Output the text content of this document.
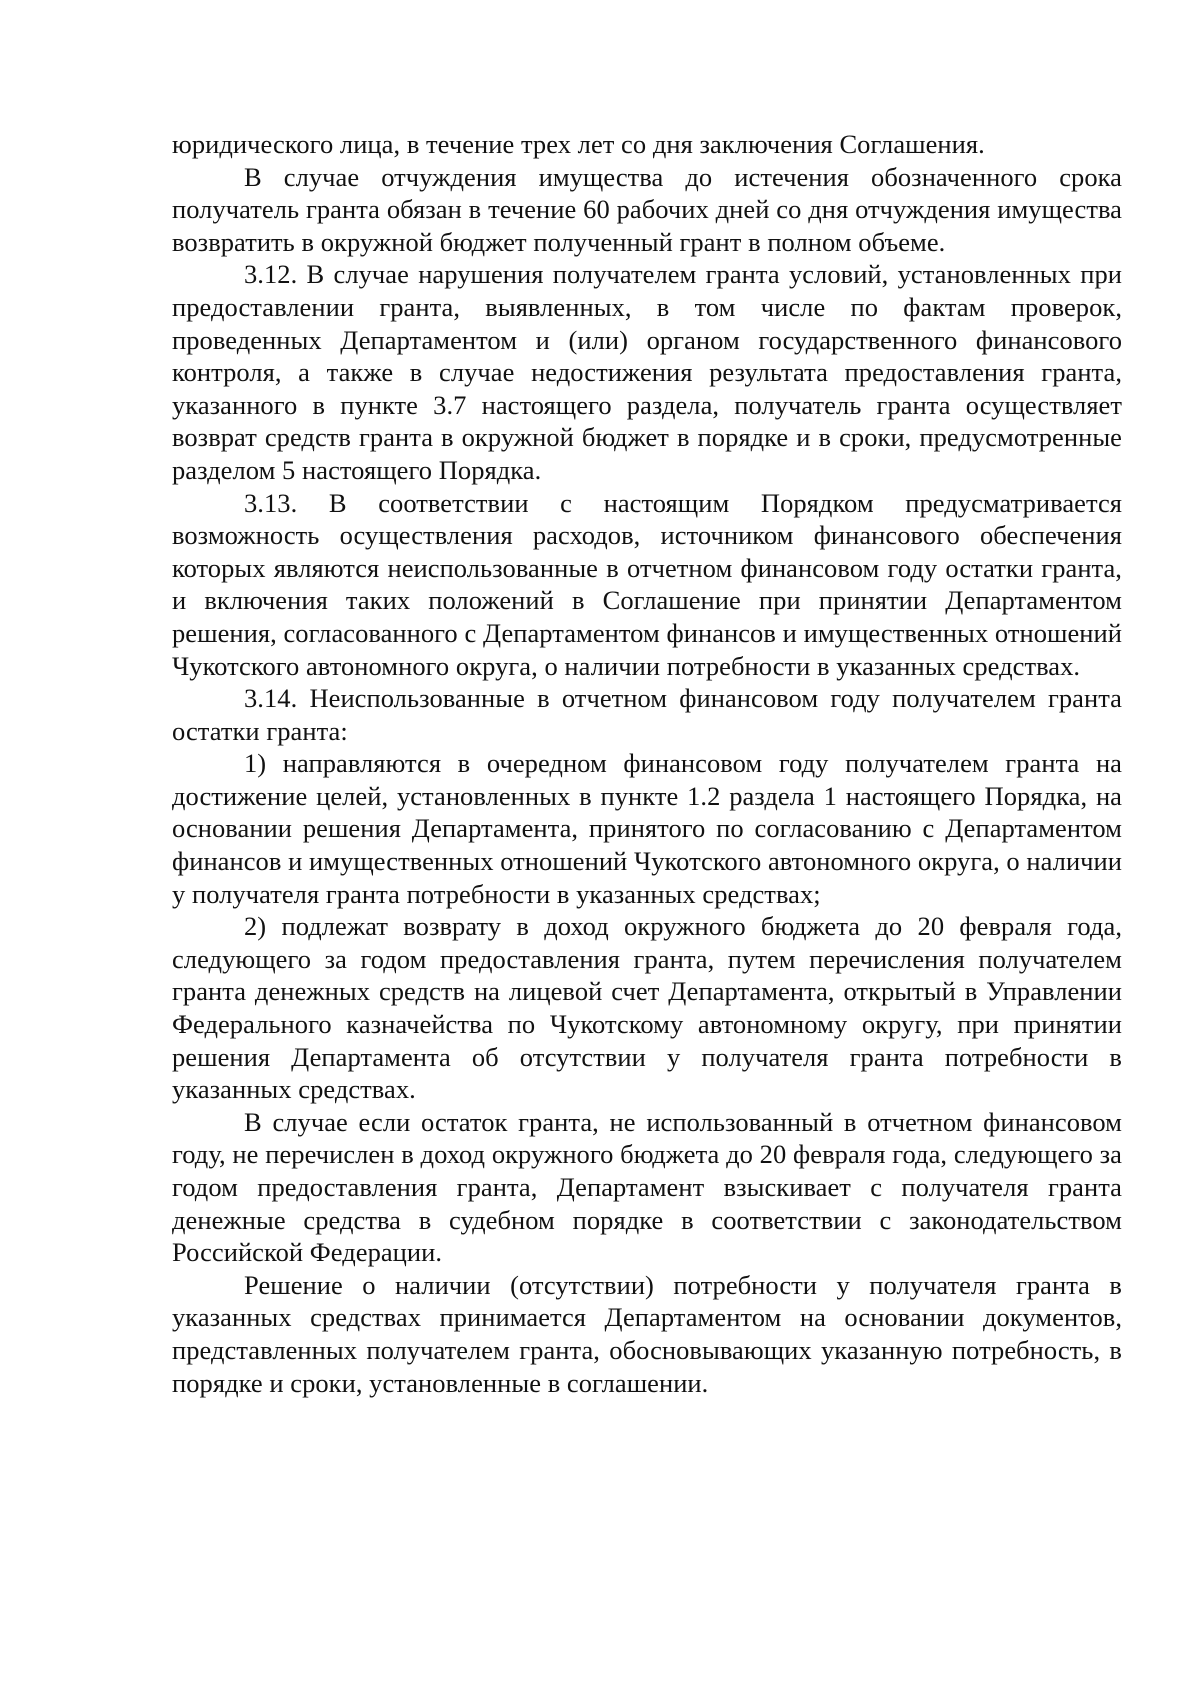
юридического лица, в течение трех лет со дня заключения Соглашения.

В случае отчуждения имущества до истечения обозначенного срока получатель гранта обязан в течение 60 рабочих дней со дня отчуждения имущества возвратить в окружной бюджет полученный грант в полном объеме.

3.12. В случае нарушения получателем гранта условий, установленных при предоставлении гранта, выявленных, в том числе по фактам проверок, проведенных Департаментом и (или) органом государственного финансового контроля, а также в случае недостижения результата предоставления гранта, указанного в пункте 3.7 настоящего раздела, получатель гранта осуществляет возврат средств гранта в окружной бюджет в порядке и в сроки, предусмотренные разделом 5 настоящего Порядка.

3.13. В соответствии с настоящим Порядком предусматривается возможность осуществления расходов, источником финансового обеспечения которых являются неиспользованные в отчетном финансовом году остатки гранта, и включения таких положений в Соглашение при принятии Департаментом решения, согласованного с Департаментом финансов и имущественных отношений Чукотского автономного округа, о наличии потребности в указанных средствах.

3.14. Неиспользованные в отчетном финансовом году получателем гранта остатки гранта:

1) направляются в очередном финансовом году получателем гранта на достижение целей, установленных в пункте 1.2 раздела 1 настоящего Порядка, на основании решения Департамента, принятого по согласованию с Департаментом финансов и имущественных отношений Чукотского автономного округа, о наличии у получателя гранта потребности в указанных средствах;

2) подлежат возврату в доход окружного бюджета до 20 февраля года, следующего за годом предоставления гранта, путем перечисления получателем гранта денежных средств на лицевой счет Департамента, открытый в Управлении Федерального казначейства по Чукотскому автономному округу, при принятии решения Департамента об отсутствии у получателя гранта потребности в указанных средствах.

В случае если остаток гранта, не использованный в отчетном финансовом году, не перечислен в доход окружного бюджета до 20 февраля года, следующего за годом предоставления гранта, Департамент взыскивает с получателя гранта денежные средства в судебном порядке в соответствии с законодательством Российской Федерации.

Решение о наличии (отсутствии) потребности у получателя гранта в указанных средствах принимается Департаментом на основании документов, представленных получателем гранта, обосновывающих указанную потребность, в порядке и сроки, установленные в соглашении.
